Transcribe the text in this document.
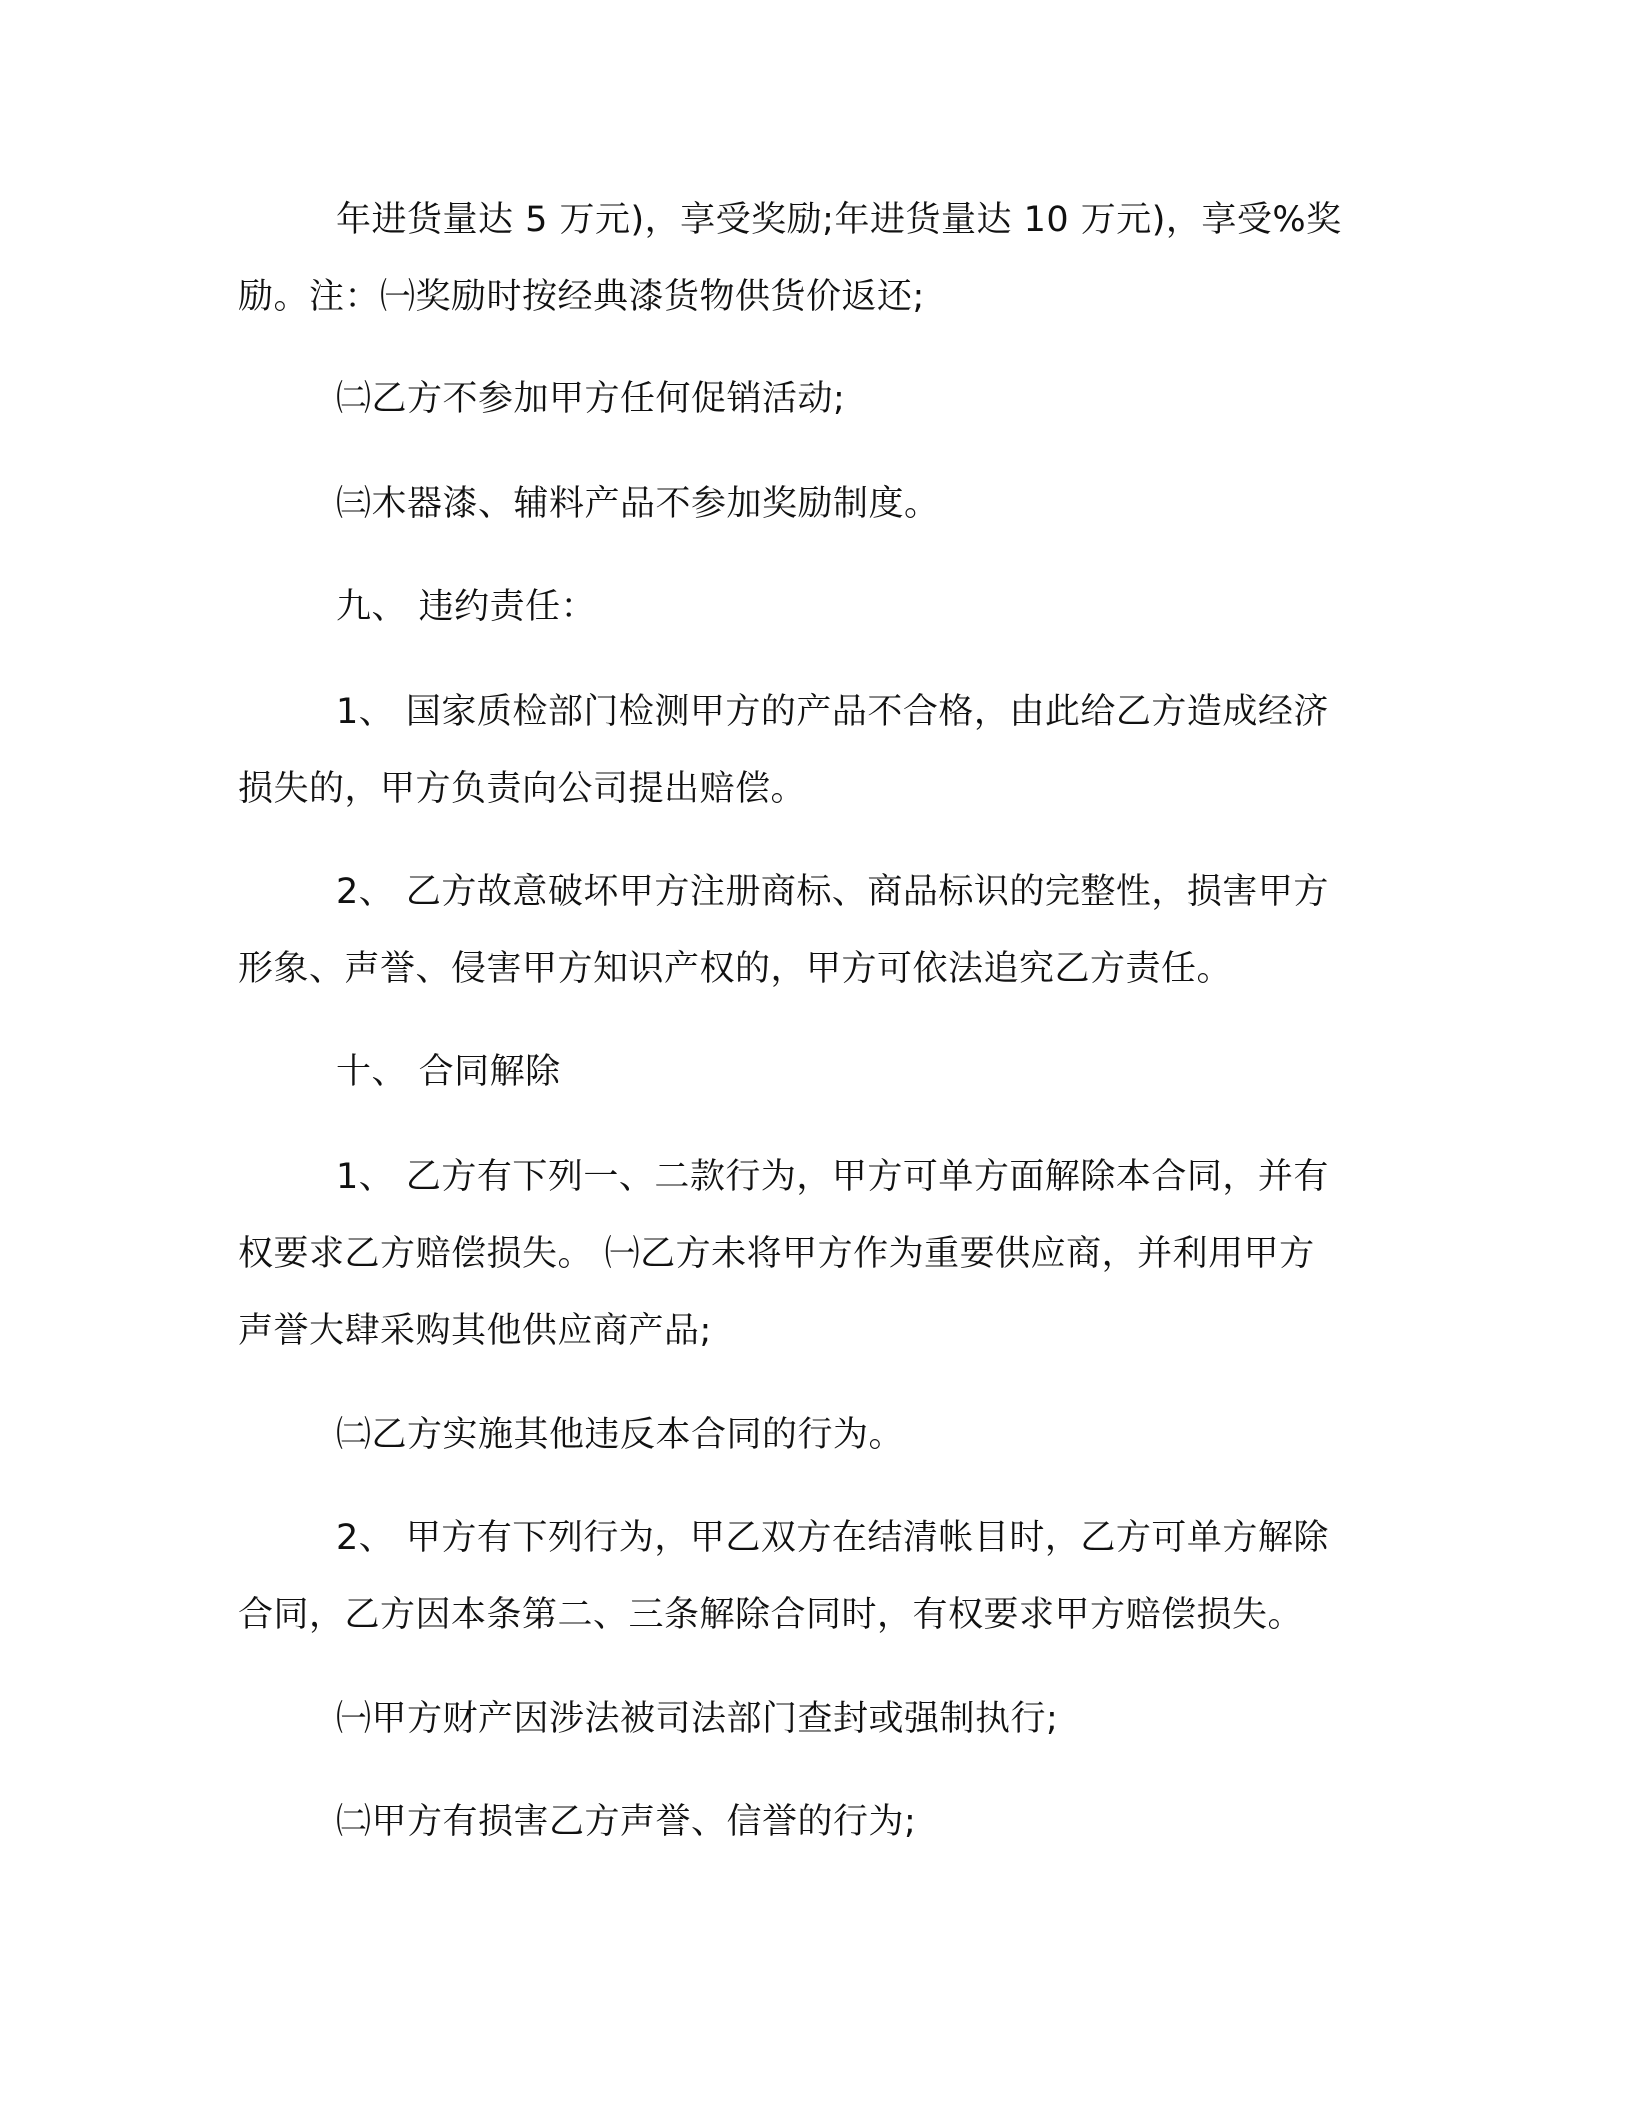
年进货量达 5 万元)，享受奖励;年进货量达 10 万元)，享受%奖
励。注：㈠奖励时按经典漆货物供货价返还;
㈡乙方不参加甲方任何促销活动;
㈢木器漆、辅料产品不参加奖励制度。
九、 违约责任：
1、 国家质检部门检测甲方的产品不合格，由此给乙方造成经济
损失的，甲方负责向公司提出赔偿。
2、 乙方故意破坏甲方注册商标、商品标识的完整性，损害甲方
形象、声誉、侵害甲方知识产权的，甲方可依法追究乙方责任。
十、 合同解除
1、 乙方有下列一、二款行为，甲方可单方面解除本合同，并有
权要求乙方赔偿损失。 ㈠乙方未将甲方作为重要供应商，并利用甲方
声誉大肆采购其他供应商产品;
㈡乙方实施其他违反本合同的行为。
2、 甲方有下列行为，甲乙双方在结清帐目时，乙方可单方解除
合同，乙方因本条第二、三条解除合同时，有权要求甲方赔偿损失。
㈠甲方财产因涉法被司法部门查封或强制执行;
㈡甲方有损害乙方声誉、信誉的行为;
